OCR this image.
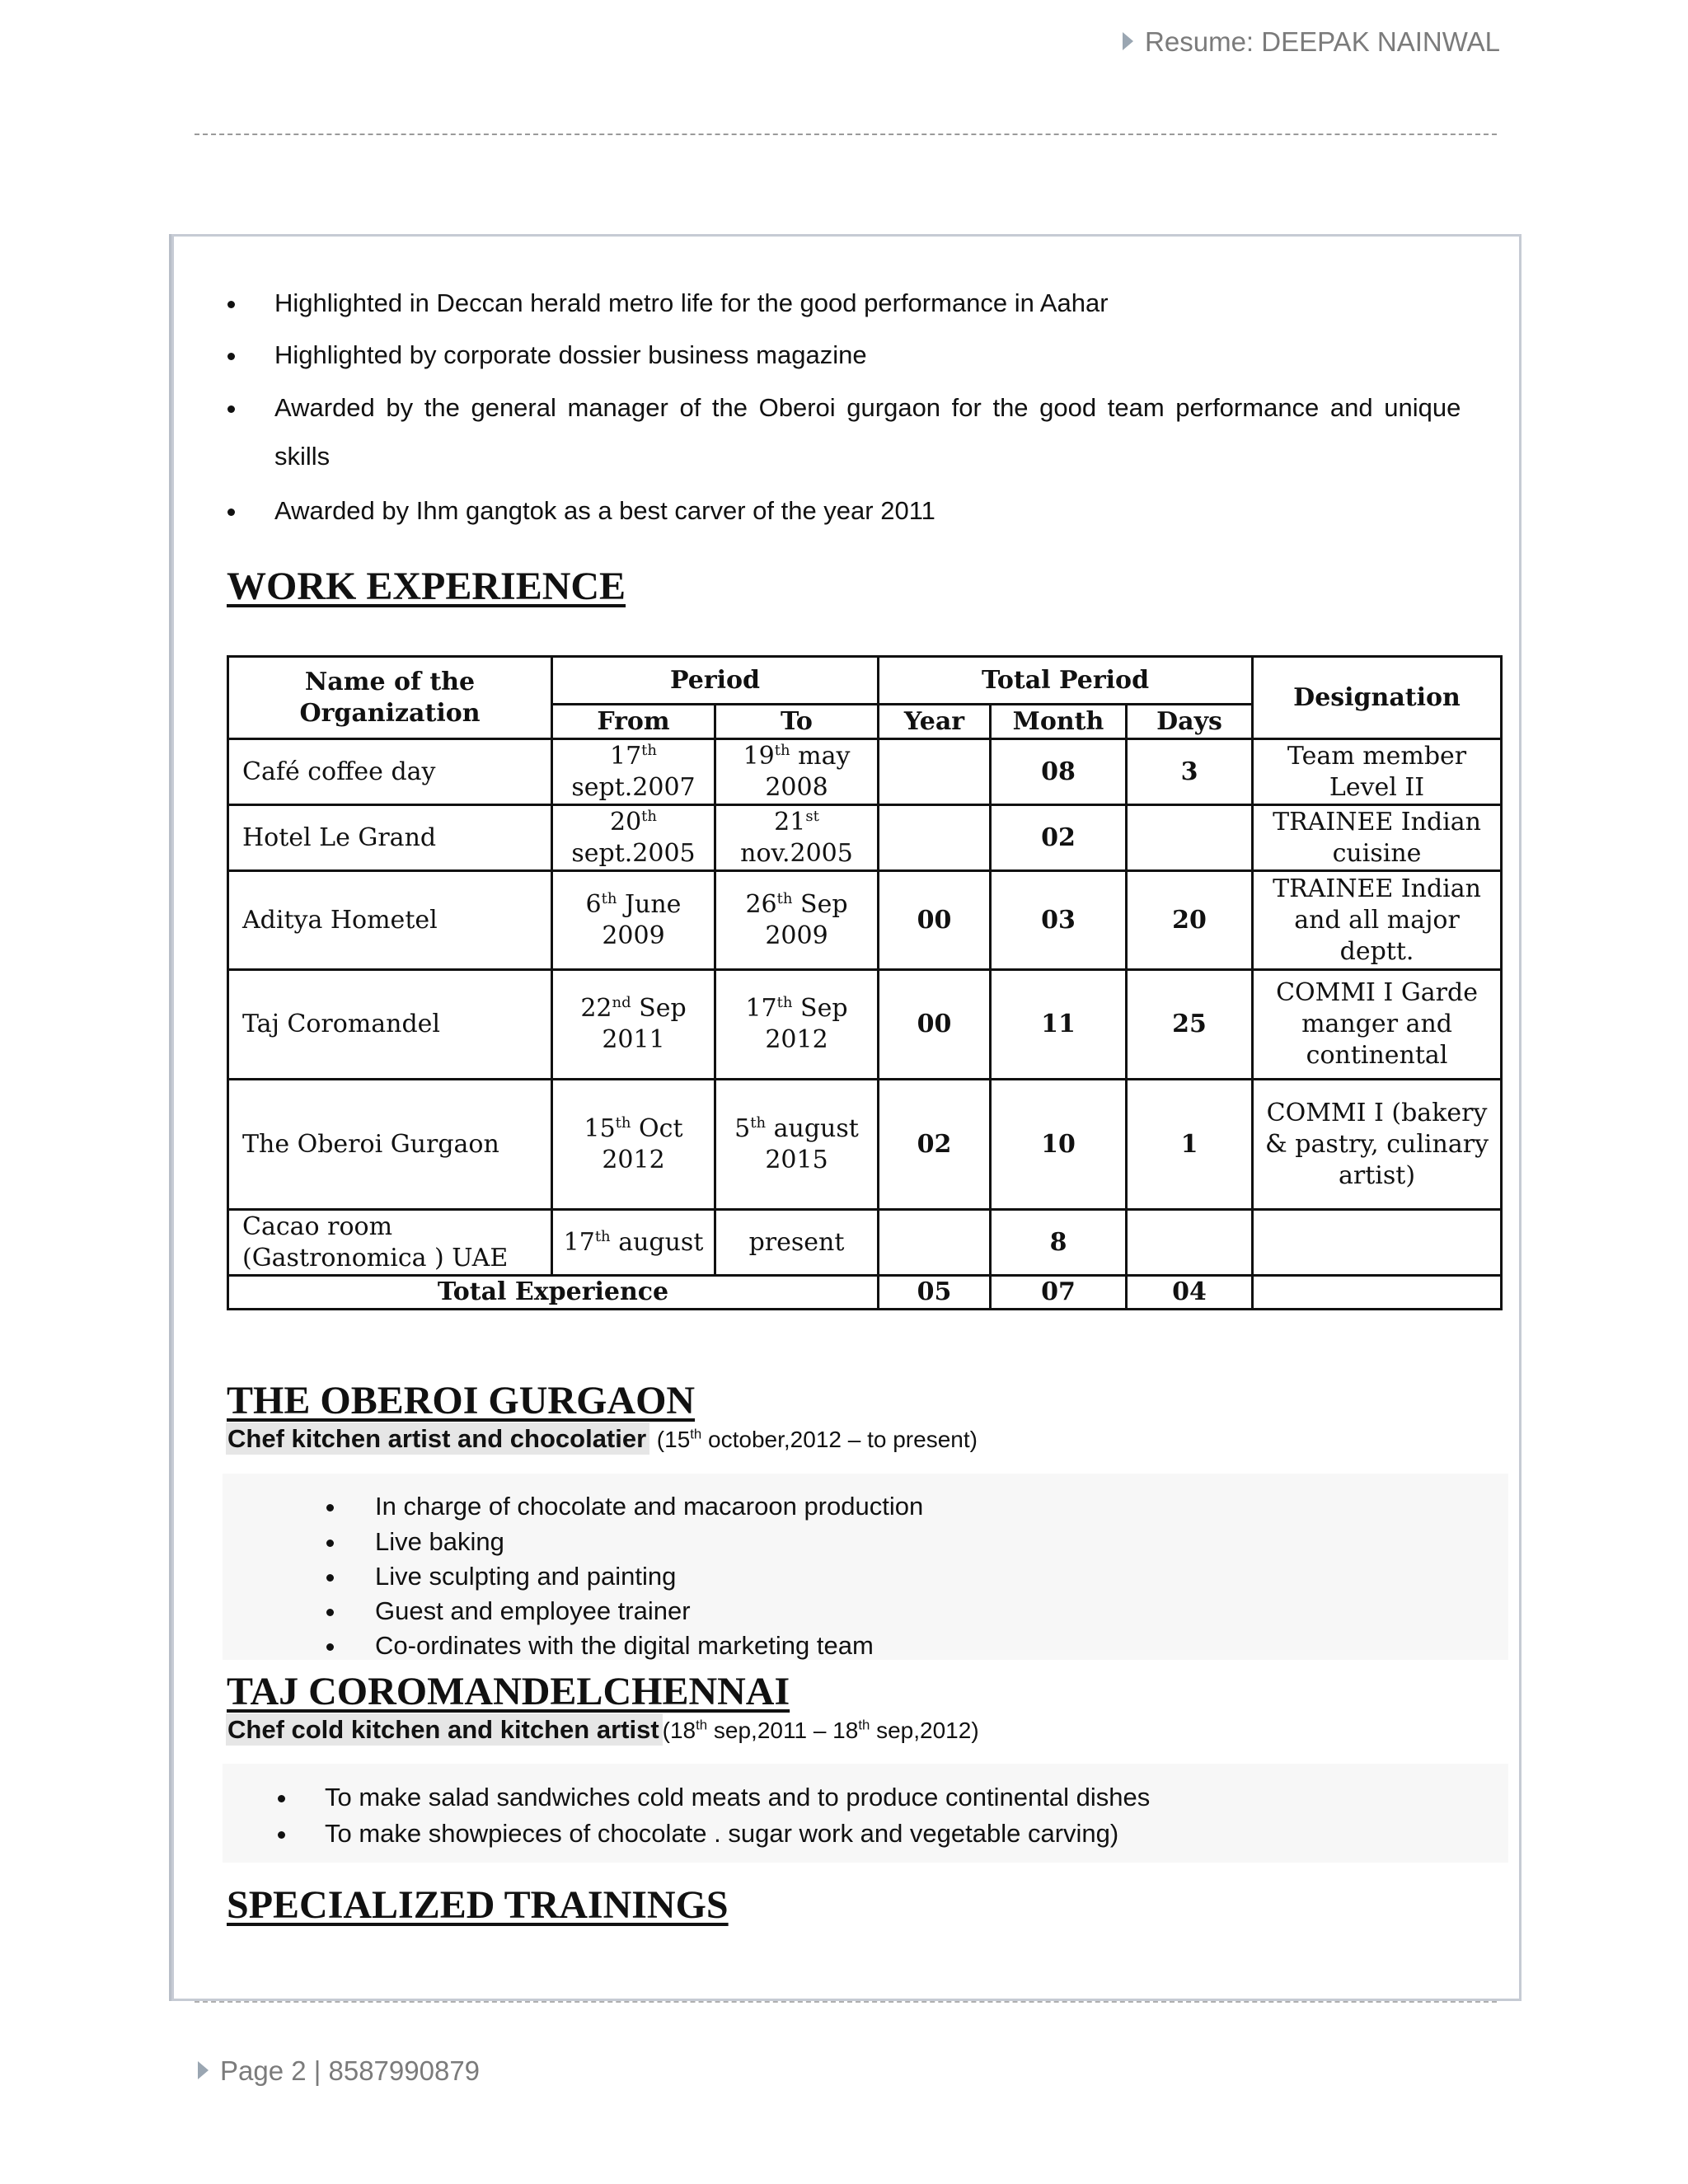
Resume: DEEPAK NAINWAL
Highlighted in Deccan herald metro life for the good performance in Aahar
Highlighted by corporate dossier business magazine
Awarded by the general manager of the Oberoi gurgaon for the good team performance and unique
skills
Awarded by Ihm gangtok as a best carver of the year 2011
WORK EXPERIENCE
Name of the Organization	Period		Total Period			Designation
	From	To	Year	Month	Days	
Café coffee day	17th sept.2007	19th may 2008		08	3	Team member Level II
Hotel Le Grand	20th sept.2005	21st nov.2005		02		TRAINEE Indian cuisine
Aditya Hometel	6th June 2009	26th Sep 2009	00	03	20	TRAINEE Indian and all major deptt.
Taj Coromandel	22nd Sep 2011	17th Sep 2012	00	11	25	COMMI I Garde manger and continental
The Oberoi Gurgaon	15th Oct 2012	5th august 2015	02	10	1	COMMI I (bakery & pastry, culinary artist)
Cacao room (Gastronomica ) UAE	17th august	present		8		
Total Experience			05	07	04	
THE OBEROI GURGAON
Chef kitchen artist and chocolatier (15th october,2012 – to present)
In charge of chocolate and macaroon production
Live baking
Live sculpting and painting
Guest and employee trainer
Co-ordinates with the digital marketing team
TAJ COROMANDELCHENNAI
Chef cold kitchen and kitchen artist (18th sep,2011 – 18th sep,2012)
To make salad sandwiches cold meats and to produce continental dishes
To make showpieces of chocolate . sugar work and vegetable carving)
SPECIALIZED TRAININGS
Page 2 | 8587990879
